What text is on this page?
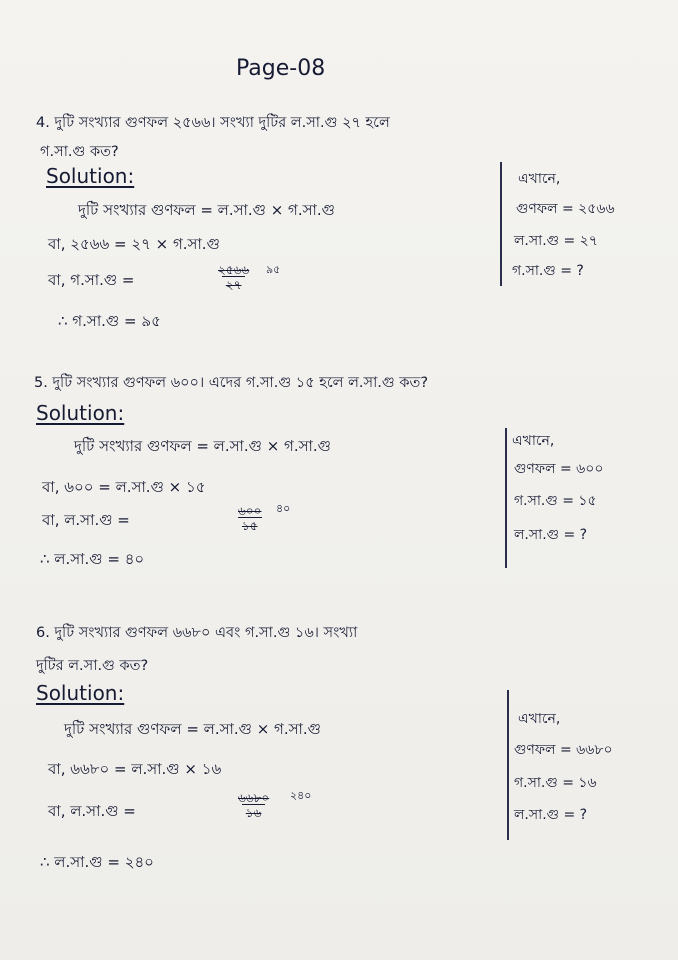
Page-08
4. দুটি সংখ্যার গুণফল ২৫৬৬। সংখ্যা দুটির ল.সা.গু ২৭ হলে
গ.সা.গু কত?
Solution:
দুটি সংখ্যার গুণফল = ল.সা.গু × গ.সা.গু
বা, ২৫৬৬ = ২৭ × গ.সা.গু
বা, গ.সা.গু =
২৫৬৬
২৭
৯৫
∴ গ.সা.গু = ৯৫
এখানে,
গুণফল = ২৫৬৬
ল.সা.গু = ২৭
গ.সা.গু = ?
5. দুটি সংখ্যার গুণফল ৬০০। এদের গ.সা.গু ১৫ হলে ল.সা.গু কত?
Solution:
দুটি সংখ্যার গুণফল = ল.সা.গু × গ.সা.গু
বা, ৬০০ = ল.সা.গু × ১৫
বা, ল.সা.গু =	৬০০
১৫
৪০
∴ ল.সা.গু = ৪০
এখানে,
গুণফল = ৬০০
গ.সা.গু = ১৫
ল.সা.গু = ?
6. দুটি সংখ্যার গুণফল ৬৬৮০ এবং গ.সা.গু ১৬। সংখ্যা
দুটির ল.সা.গু কত?
Solution:
দুটি সংখ্যার গুণফল = ল.সা.গু × গ.সা.গু
বা, ৬৬৮০ = ল.সা.গু × ১৬
বা, ল.সা.গু =
৬৬৮০
১৬
২৪০
∴ ল.সা.গু = ২৪০
এখানে,
গুণফল = ৬৬৮০
গ.সা.গু = ১৬
ল.সা.গু = ?
